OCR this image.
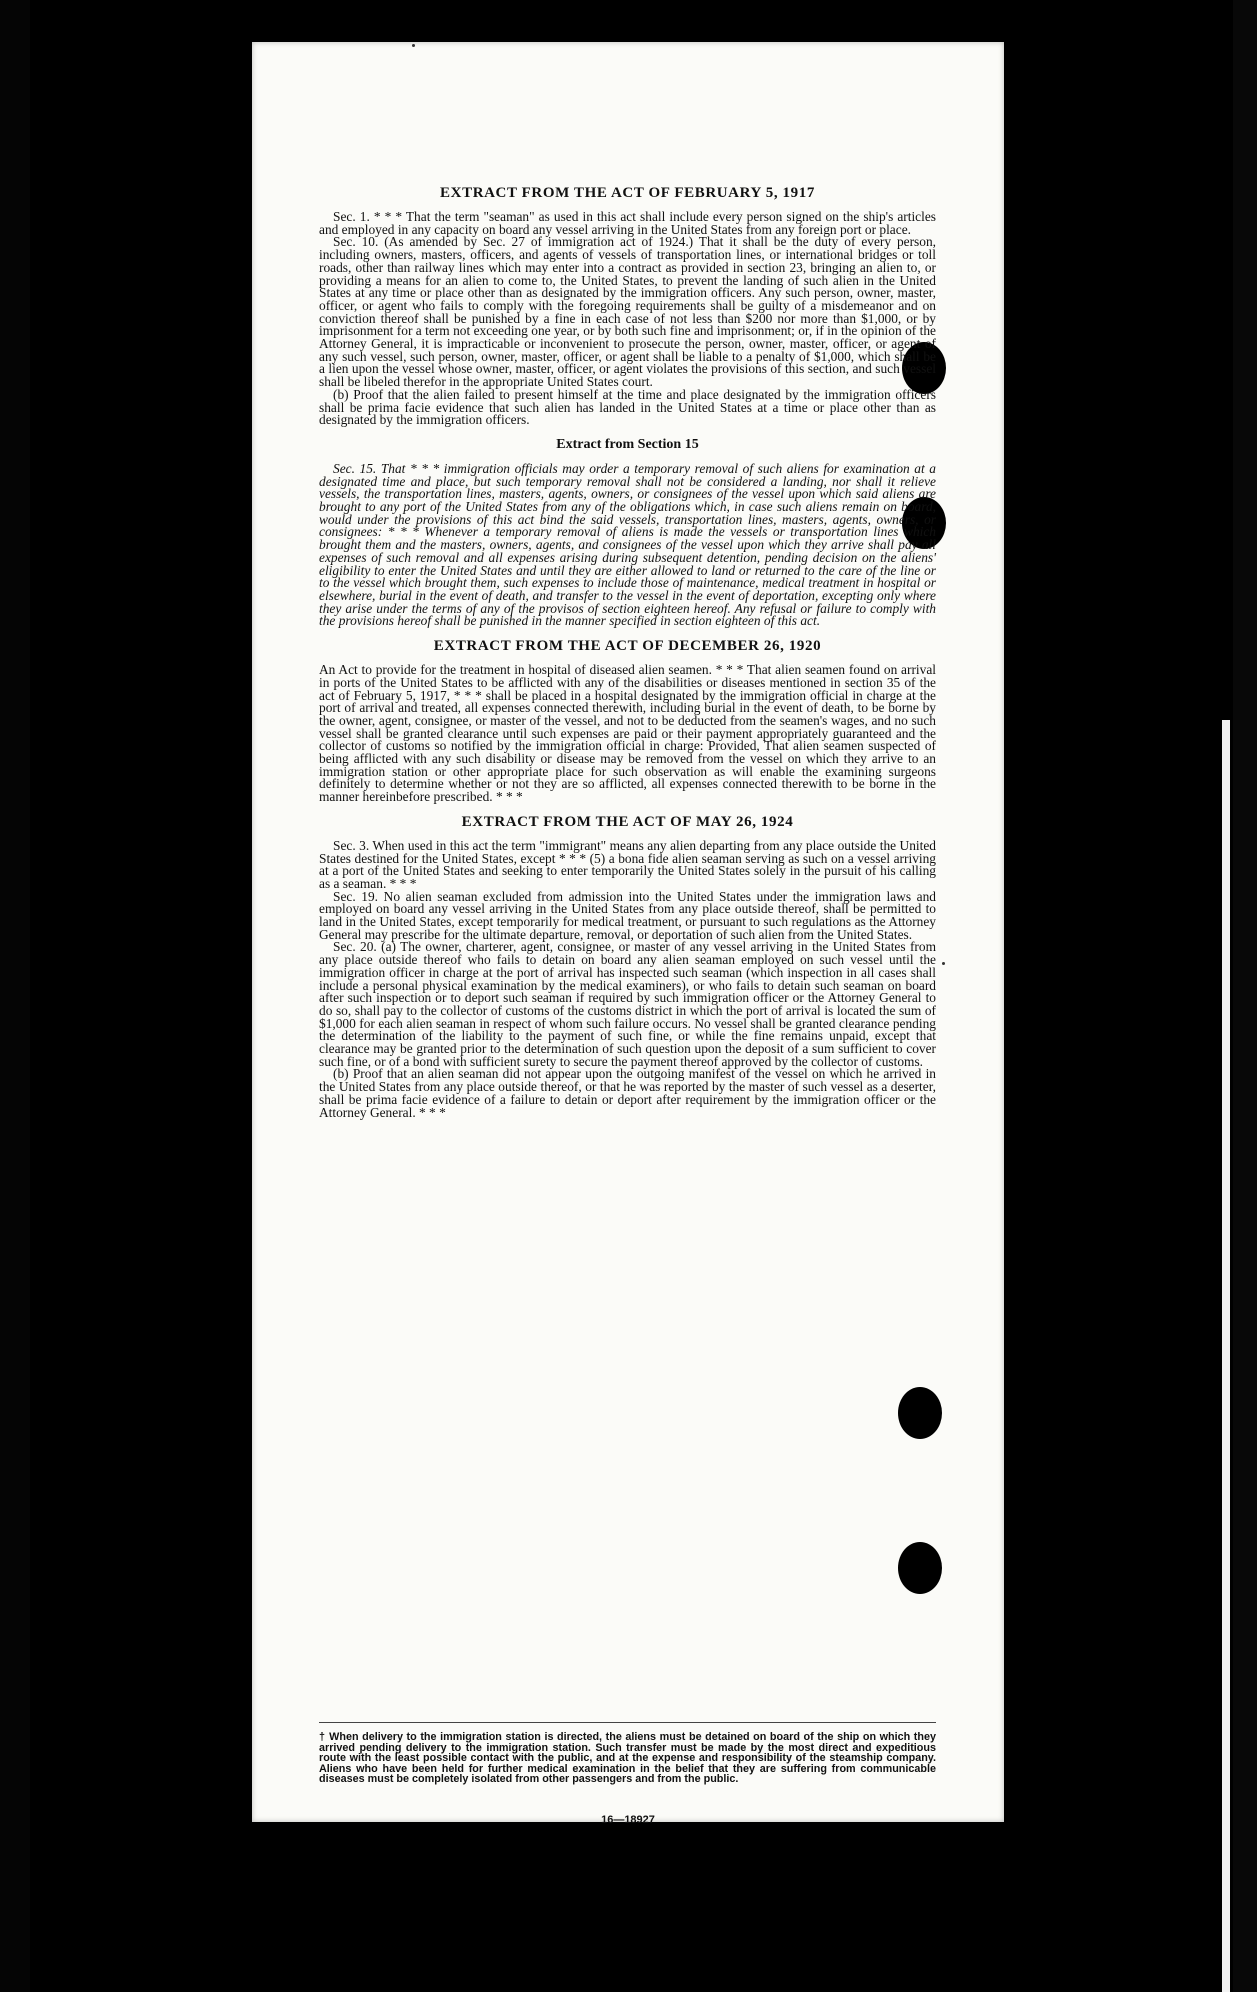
EXTRACT FROM THE ACT OF FEBRUARY 5, 1917

Sec. 1. * * * That the term "seaman" as used in this act shall include every person signed on the ship's articles and employed in any capacity on board any vessel arriving in the United States from any foreign port or place.

Sec. 10. (As amended by Sec. 27 of immigration act of 1924.) That it shall be the duty of every person, including owners, masters, officers, and agents of vessels of transportation lines, or international bridges or toll roads, other than railway lines which may enter into a contract as provided in section 23, bringing an alien to, or providing a means for an alien to come to, the United States, to prevent the landing of such alien in the United States at any time or place other than as designated by the immigration officers. Any such person, owner, master, officer, or agent who fails to comply with the foregoing requirements shall be guilty of a misdemeanor and on conviction thereof shall be punished by a fine in each case of not less than $200 nor more than $1,000, or by imprisonment for a term not exceeding one year, or by both such fine and imprisonment; or, if in the opinion of the Attorney General, it is impracticable or inconvenient to prosecute the person, owner, master, officer, or agent of any such vessel, such person, owner, master, officer, or agent shall be liable to a penalty of $1,000, which shall be a lien upon the vessel whose owner, master, officer, or agent violates the provisions of this section, and such vessel shall be libeled therefor in the appropriate United States court.

(b) Proof that the alien failed to present himself at the time and place designated by the immigration officers shall be prima facie evidence that such alien has landed in the United States at a time or place other than as designated by the immigration officers.

Extract from Section 15

Sec. 15. That * * * immigration officials may order a temporary removal of such aliens for examination at a designated time and place, but such temporary removal shall not be considered a landing, nor shall it relieve vessels, the transportation lines, masters, agents, owners, or consignees of the vessel upon which said aliens are brought to any port of the United States from any of the obligations which, in case such aliens remain on board, would under the provisions of this act bind the said vessels, transportation lines, masters, agents, owners, or consignees: * * * Whenever a temporary removal of aliens is made the vessels or transportation lines which brought them and the masters, owners, agents, and consignees of the vessel upon which they arrive shall pay all expenses of such removal and all expenses arising during subsequent detention, pending decision on the aliens' eligibility to enter the United States and until they are either allowed to land or returned to the care of the line or to the vessel which brought them, such expenses to include those of maintenance, medical treatment in hospital or elsewhere, burial in the event of death, and transfer to the vessel in the event of deportation, excepting only where they arise under the terms of any of the provisos of section eighteen hereof. Any refusal or failure to comply with the provisions hereof shall be punished in the manner specified in section eighteen of this act.

EXTRACT FROM THE ACT OF DECEMBER 26, 1920

An Act to provide for the treatment in hospital of diseased alien seamen. * * * That alien seamen found on arrival in ports of the United States to be afflicted with any of the disabilities or diseases mentioned in section 35 of the act of February 5, 1917, * * * shall be placed in a hospital designated by the immigration official in charge at the port of arrival and treated, all expenses connected therewith, including burial in the event of death, to be borne by the owner, agent, consignee, or master of the vessel, and not to be deducted from the seamen's wages, and no such vessel shall be granted clearance until such expenses are paid or their payment appropriately guaranteed and the collector of customs so notified by the immigration official in charge: Provided, That alien seamen suspected of being afflicted with any such disability or disease may be removed from the vessel on which they arrive to an immigration station or other appropriate place for such observation as will enable the examining surgeons definitely to determine whether or not they are so afflicted, all expenses connected therewith to be borne in the manner hereinbefore prescribed. * * *

EXTRACT FROM THE ACT OF MAY 26, 1924

Sec. 3. When used in this act the term "immigrant" means any alien departing from any place outside the United States destined for the United States, except * * * (5) a bona fide alien seaman serving as such on a vessel arriving at a port of the United States and seeking to enter temporarily the United States solely in the pursuit of his calling as a seaman. * * *

Sec. 19. No alien seaman excluded from admission into the United States under the immigration laws and employed on board any vessel arriving in the United States from any place outside thereof, shall be permitted to land in the United States, except temporarily for medical treatment, or pursuant to such regulations as the Attorney General may prescribe for the ultimate departure, removal, or deportation of such alien from the United States.

Sec. 20. (a) The owner, charterer, agent, consignee, or master of any vessel arriving in the United States from any place outside thereof who fails to detain on board any alien seaman employed on such vessel until the immigration officer in charge at the port of arrival has inspected such seaman (which inspection in all cases shall include a personal physical examination by the medical examiners), or who fails to detain such seaman on board after such inspection or to deport such seaman if required by such immigration officer or the Attorney General to do so, shall pay to the collector of customs of the customs district in which the port of arrival is located the sum of $1,000 for each alien seaman in respect of whom such failure occurs. No vessel shall be granted clearance pending the determination of the liability to the payment of such fine, or while the fine remains unpaid, except that clearance may be granted prior to the determination of such question upon the deposit of a sum sufficient to cover such fine, or of a bond with sufficient surety to secure the payment thereof approved by the collector of customs.

(b) Proof that an alien seaman did not appear upon the outgoing manifest of the vessel on which he arrived in the United States from any place outside thereof, or that he was reported by the master of such vessel as a deserter, shall be prima facie evidence of a failure to detain or deport after requirement by the immigration officer or the Attorney General. * * *

† When delivery to the immigration station is directed, the aliens must be detained on board of the ship on which they arrived pending delivery to the immigration station. Such transfer must be made by the most direct and expeditious route with the least possible contact with the public, and at the expense and responsibility of the steamship company. Aliens who have been held for further medical examination in the belief that they are suffering from communicable diseases must be completely isolated from other passengers and from the public.
16—18927
